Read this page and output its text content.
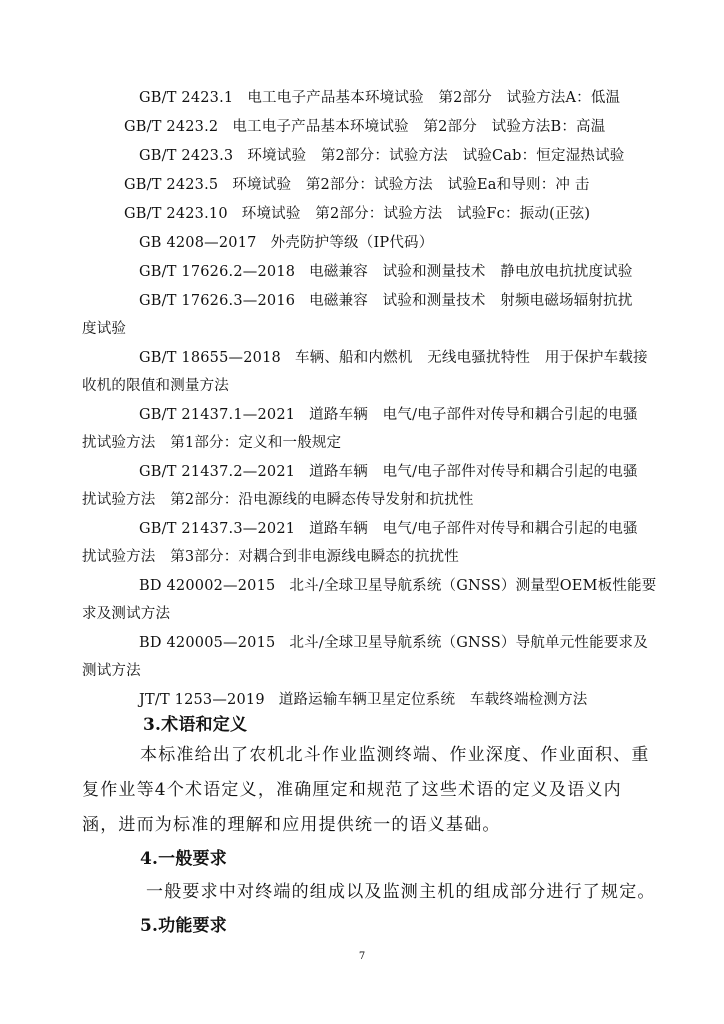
GB/T 2423.1 电工电子产品基本环境试验　第2部分　试验方法A：低温
GB/T 2423.2 电工电子产品基本环境试验　第2部分　试验方法B：高温
GB/T 2423.3 环境试验　第2部分：试验方法　试验Cab：恒定湿热试验
GB/T 2423.5 环境试验　第2部分：试验方法　试验Ea和导则：冲 击
GB/T 2423.10 环境试验　第2部分：试验方法　试验Fc：振动(正弦)
GB 4208—2017 外壳防护等级（IP代码）
GB/T 17626.2—2018 电磁兼容　试验和测量技术　静电放电抗扰度试验
GB/T 17626.3—2016 电磁兼容　试验和测量技术　射频电磁场辐射抗扰
度试验
GB/T 18655—2018 车辆、船和内燃机　无线电骚扰特性　用于保护车载接
收机的限值和测量方法
GB/T 21437.1—2021 道路车辆　电气/电子部件对传导和耦合引起的电骚
扰试验方法　第1部分：定义和一般规定
GB/T 21437.2—2021 道路车辆　电气/电子部件对传导和耦合引起的电骚
扰试验方法　第2部分：沿电源线的电瞬态传导发射和抗扰性
GB/T 21437.3—2021 道路车辆　电气/电子部件对传导和耦合引起的电骚
扰试验方法　第3部分：对耦合到非电源线电瞬态的抗扰性
BD 420002—2015 北斗/全球卫星导航系统（GNSS）测量型OEM板性能要
求及测试方法
BD 420005—2015 北斗/全球卫星导航系统（GNSS）导航单元性能要求及
测试方法
JT/T 1253—2019 道路运输车辆卫星定位系统　车载终端检测方法
3.术语和定义
本标准给出了农机北斗作业监测终端、作业深度、作业面积、重
复作业等4个术语定义，准确厘定和规范了这些术语的定义及语义内
涵，进而为标准的理解和应用提供统一的语义基础。
4.一般要求
一般要求中对终端的组成以及监测主机的组成部分进行了规定。
5.功能要求
7
